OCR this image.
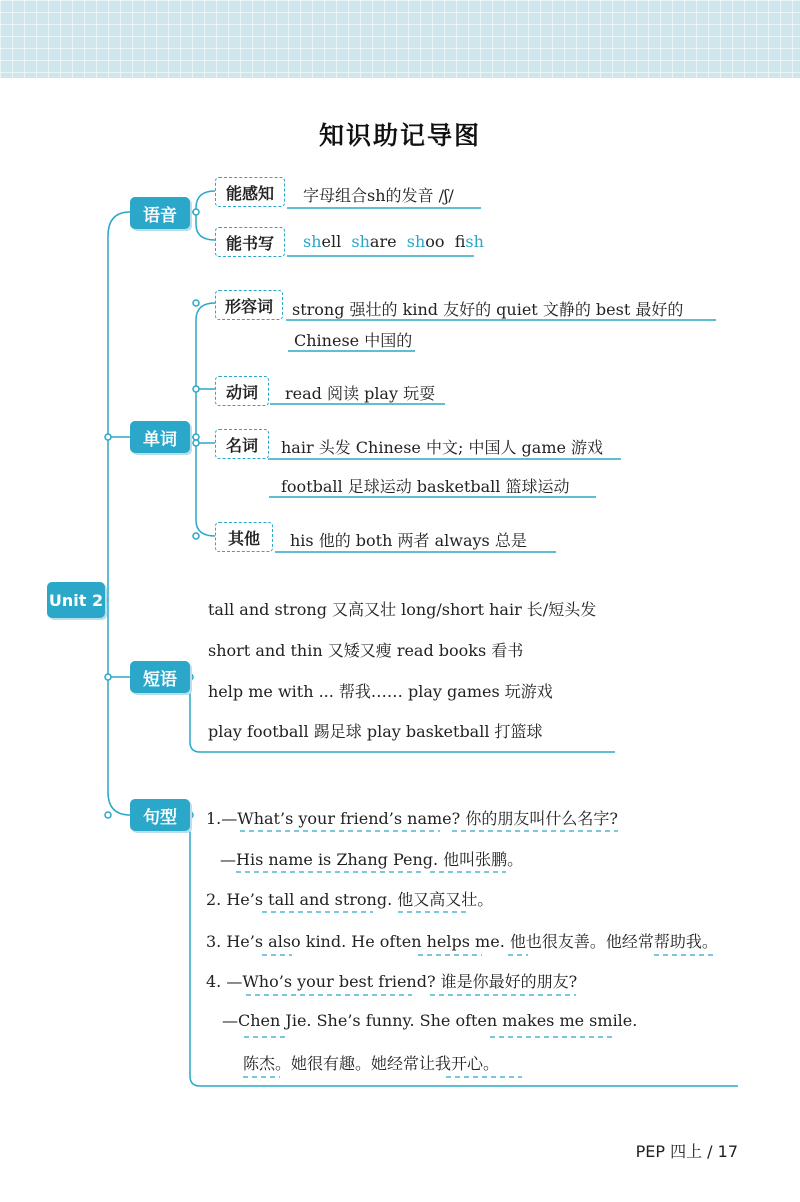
知识助记导图
Unit 2
语音
单词
短语
句型
能感知	字母组合sh的发音 /ʃ/
能书写	shell share shoo fish
形容词	strong 强壮的 kind 友好的 quiet 文静的 best 最好的
Chinese 中国的
动词	read 阅读 play 玩耍
名词	hair 头发 Chinese 中文; 中国人 game 游戏
football 足球运动 basketball 篮球运动
其他	his 他的 both 两者 always 总是
tall and strong 又高又壮 long/short hair 长/短头发
short and thin 又矮又瘦 read books 看书
help me with ... 帮我…… play games 玩游戏
play football 踢足球 play basketball 打篮球
1.—What’s your friend’s name? 你的朋友叫什么名字?
—His name is Zhang Peng. 他叫张鹏。
2. He’s tall and strong. 他又高又壮。
3. He’s also kind. He often helps me. 他也很友善。他经常帮助我。
4. —Who’s your best friend? 谁是你最好的朋友?
—Chen Jie. She’s funny. She often makes me smile.
陈杰。她很有趣。她经常让我开心。
PEP 四上 / 17
